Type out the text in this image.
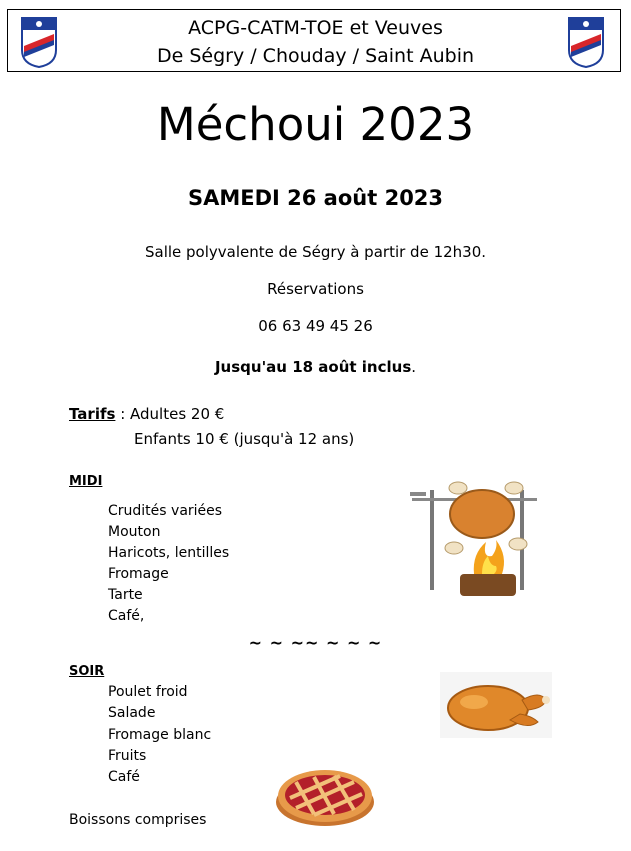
ACPG-CATM-TOE et Veuves
De Ségry / Chouday / Saint Aubin
Méchoui 2023
SAMEDI 26 août 2023
Salle polyvalente de Ségry à partir de 12h30.
Réservations
06 63 49 45 26
Jusqu'au 18 août inclus.
Tarifs : Adultes 20 €
Enfants 10 € (jusqu'à 12 ans)
MIDI
Crudités variées
Mouton
Haricots, lentilles
Fromage
Tarte
Café,
~ ~ ~~ ~ ~ ~
SOIR
Poulet froid
Salade
Fromage blanc
Fruits
Café
Boissons comprises
